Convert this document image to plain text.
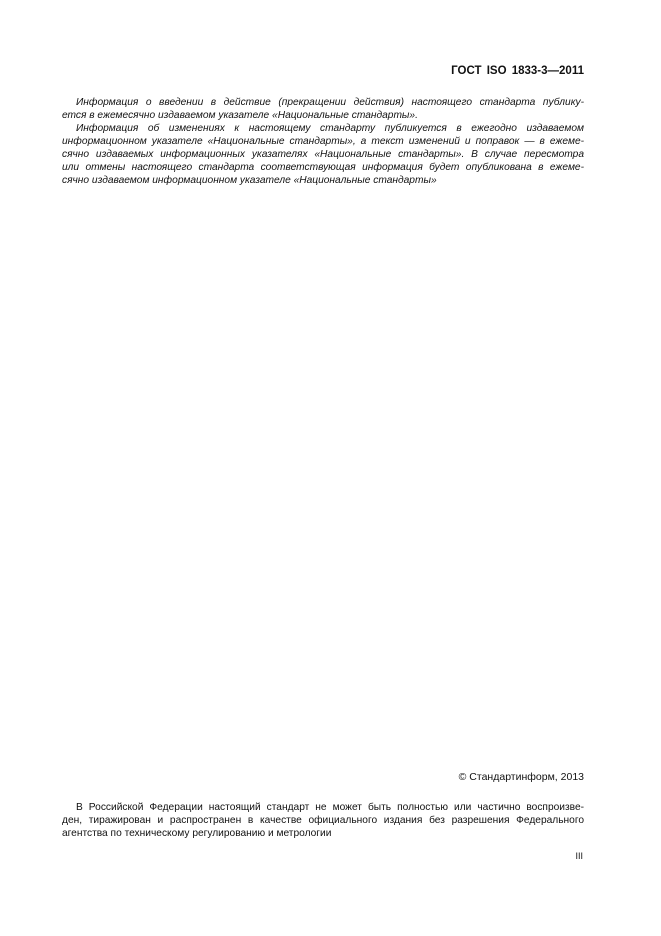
ГОСТ ISO 1833-3—2011
Информация о введении в действие (прекращении действия) настоящего стандарта публику-
ется в ежемесячно издаваемом указателе «Национальные стандарты».
Информация об изменениях к настоящему стандарту публикуется в ежегодно издаваемом
информационном указателе «Национальные стандарты», а текст изменений и поправок — в ежеме-
сячно издаваемых информационных указателях «Национальные стандарты». В случае пересмотра
или отмены настоящего стандарта соответствующая информация будет опубликована в ежеме-
сячно издаваемом информационном указателе «Национальные стандарты»
© Стандартинформ, 2013
В Российской Федерации настоящий стандарт не может быть полностью или частично воспроизве-
ден, тиражирован и распространен в качестве официального издания без разрешения Федерального
агентства по техническому регулированию и метрологии
III
